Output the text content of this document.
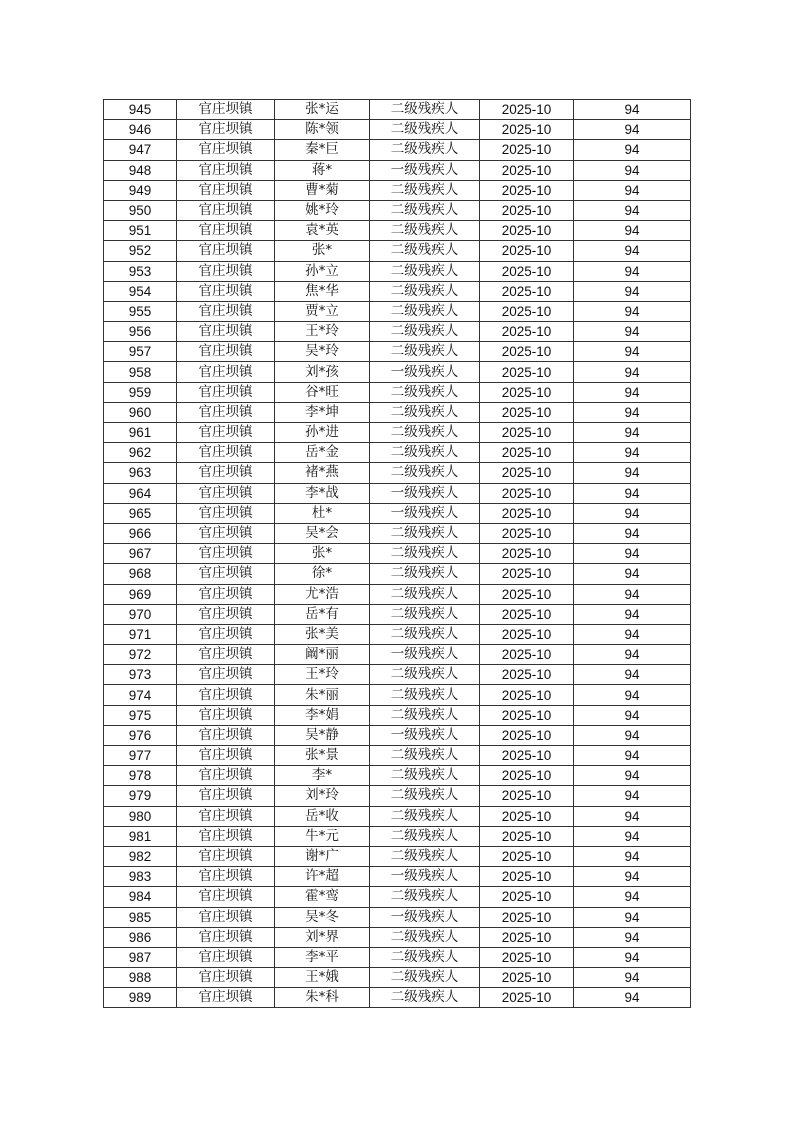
945	官庄坝镇	张*运	二级残疾人	2025-10	94
946	官庄坝镇	陈*领	二级残疾人	2025-10	94
947	官庄坝镇	秦*巨	二级残疾人	2025-10	94
948	官庄坝镇	蒋*	一级残疾人	2025-10	94
949	官庄坝镇	曹*菊	二级残疾人	2025-10	94
950	官庄坝镇	姚*玲	二级残疾人	2025-10	94
951	官庄坝镇	袁*英	二级残疾人	2025-10	94
952	官庄坝镇	张*	二级残疾人	2025-10	94
953	官庄坝镇	孙*立	二级残疾人	2025-10	94
954	官庄坝镇	焦*华	二级残疾人	2025-10	94
955	官庄坝镇	贾*立	二级残疾人	2025-10	94
956	官庄坝镇	王*玲	二级残疾人	2025-10	94
957	官庄坝镇	吴*玲	二级残疾人	2025-10	94
958	官庄坝镇	刘*孩	一级残疾人	2025-10	94
959	官庄坝镇	谷*旺	二级残疾人	2025-10	94
960	官庄坝镇	李*坤	二级残疾人	2025-10	94
961	官庄坝镇	孙*进	二级残疾人	2025-10	94
962	官庄坝镇	岳*金	二级残疾人	2025-10	94
963	官庄坝镇	褚*燕	二级残疾人	2025-10	94
964	官庄坝镇	李*战	一级残疾人	2025-10	94
965	官庄坝镇	杜*	一级残疾人	2025-10	94
966	官庄坝镇	吴*会	二级残疾人	2025-10	94
967	官庄坝镇	张*	二级残疾人	2025-10	94
968	官庄坝镇	徐*	二级残疾人	2025-10	94
969	官庄坝镇	尤*浩	二级残疾人	2025-10	94
970	官庄坝镇	岳*有	二级残疾人	2025-10	94
971	官庄坝镇	张*美	二级残疾人	2025-10	94
972	官庄坝镇	阚*丽	一级残疾人	2025-10	94
973	官庄坝镇	王*玲	二级残疾人	2025-10	94
974	官庄坝镇	朱*丽	二级残疾人	2025-10	94
975	官庄坝镇	李*娟	二级残疾人	2025-10	94
976	官庄坝镇	吴*静	一级残疾人	2025-10	94
977	官庄坝镇	张*景	二级残疾人	2025-10	94
978	官庄坝镇	李*	二级残疾人	2025-10	94
979	官庄坝镇	刘*玲	二级残疾人	2025-10	94
980	官庄坝镇	岳*收	二级残疾人	2025-10	94
981	官庄坝镇	牛*元	二级残疾人	2025-10	94
982	官庄坝镇	谢*广	二级残疾人	2025-10	94
983	官庄坝镇	许*超	一级残疾人	2025-10	94
984	官庄坝镇	霍*鸾	二级残疾人	2025-10	94
985	官庄坝镇	吴*冬	一级残疾人	2025-10	94
986	官庄坝镇	刘*界	二级残疾人	2025-10	94
987	官庄坝镇	李*平	二级残疾人	2025-10	94
988	官庄坝镇	王*娥	二级残疾人	2025-10	94
989	官庄坝镇	朱*科	二级残疾人	2025-10	94
